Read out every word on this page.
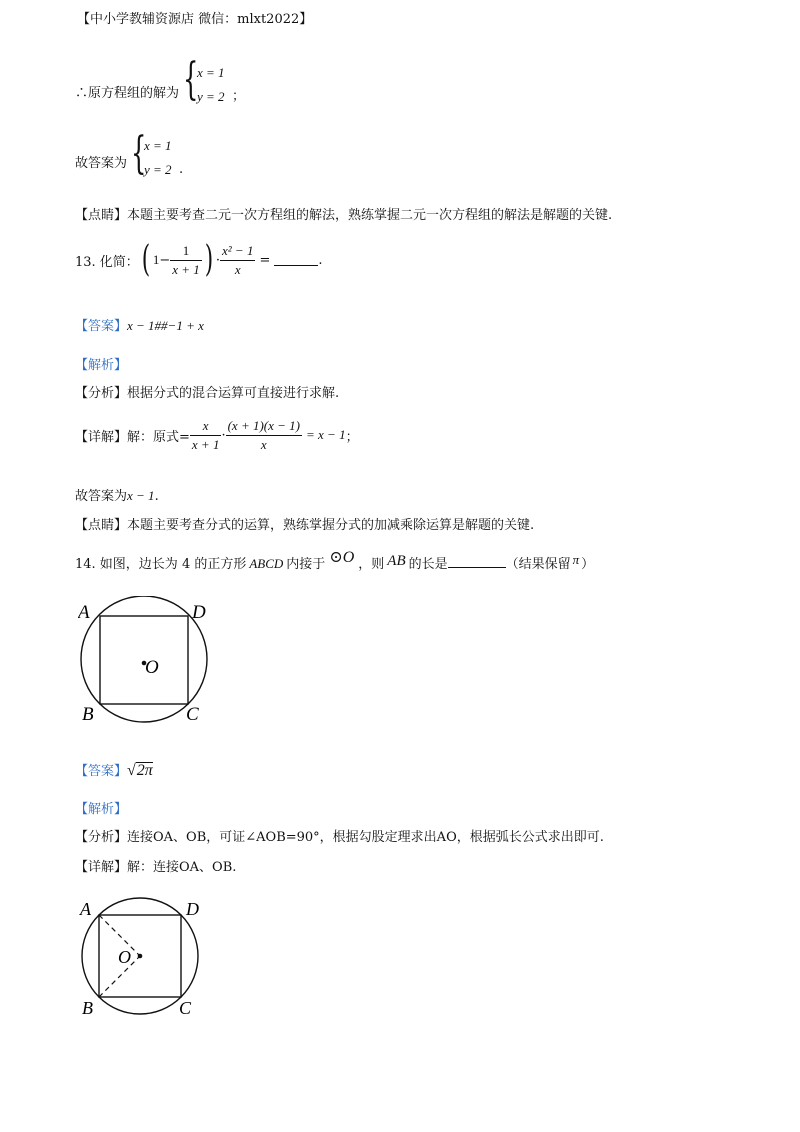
【中小学教辅资源店 微信：mlxt2022】
∴原方程组的解为 {
x = 1
y = 2 ；
故答案为 {
x = 1
y = 2 .
【点睛】本题主要考查二元一次方程组的解法，熟练掌握二元一次方程组的解法是解题的关键.
13. 化简： ( $1 - \frac{1}{x + 1}$ ) · $\frac{\text{x² − 1}}{x}$ =	.
【答案】x − 1##−1 + x
【解析】
【分析】根据分式的混合运算可直接进行求解.
【详解】解：原式= $\frac{x}{x + 1} \cdot \frac{(x + 1)(x - 1)}{x} = x - 1$ ；
故答案为x − 1.
【点睛】本题主要考查分式的运算，熟练掌握分式的加减乘除运算是解题的关键.
14. 如图，边长为 4 的正方形 ABCD 内接于 ⊙O ，则 AB 的长是	（结果保留 π ）
A	D
B	C
O
【答案】√2π
【解析】
【分析】连接OA、OB，可证∠AOB=90°，根据勾股定理求出AO，根据弧长公式求出即可.
【详解】解：连接OA、OB.
A	D
B	C
O
